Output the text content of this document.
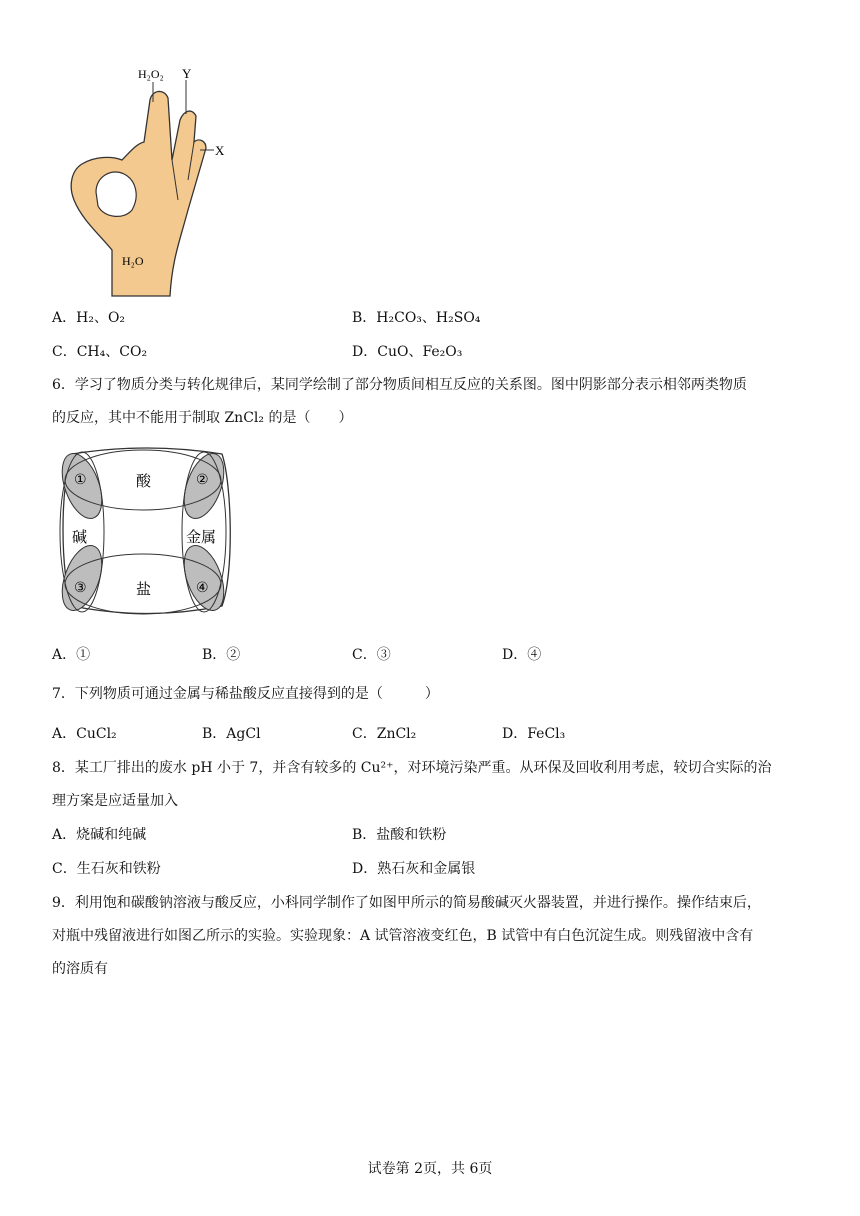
H₂O₂ Y
X
H₂O
A．H₂、O₂	B．H₂CO₃、H₂SO₄
C．CH₄、CO₂	D．CuO、Fe₂O₃
6．学习了物质分类与转化规律后，某同学绘制了部分物质间相互反应的关系图。图中阴影部分表示相邻两类物质
的反应，其中不能用于制取 ZnCl₂ 的是（　　）
酸
碱	金属
盐
①	②
③	④
A．①	B．②	C．③	D．④
7．下列物质可通过金属与稀盐酸反应直接得到的是（　　　）
A．CuCl₂	B．AgCl	C．ZnCl₂	D．FeCl₃
8．某工厂排出的废水 pH 小于 7，并含有较多的 Cu²⁺，对环境污染严重。从环保及回收利用考虑，较切合实际的治
理方案是应适量加入
A．烧碱和纯碱	B．盐酸和铁粉
C．生石灰和铁粉	D．熟石灰和金属银
9．利用饱和碳酸钠溶液与酸反应，小科同学制作了如图甲所示的简易酸碱灭火器装置，并进行操作。操作结束后，
对瓶中残留液进行如图乙所示的实验。实验现象：A 试管溶液变红色，B 试管中有白色沉淀生成。则残留液中含有
的溶质有
试卷第 2页，共 6页
